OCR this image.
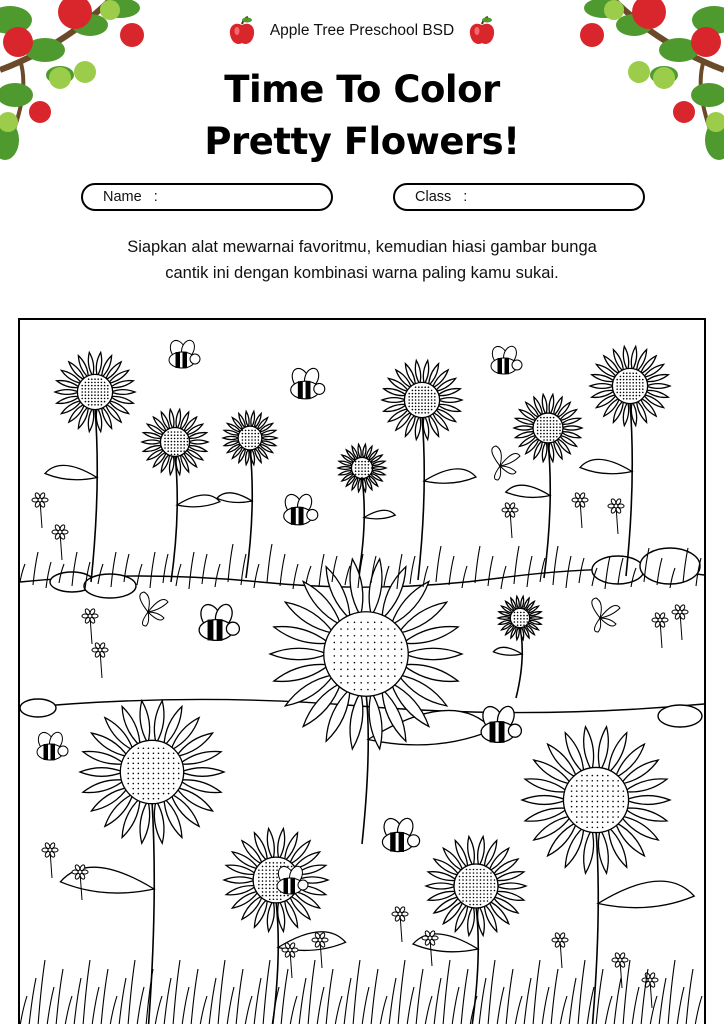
Apple Tree Preschool BSD
Time To Color
Pretty Flowers!
Name :	Class :
Siapkan alat mewarnai favoritmu, kemudian hiasi gambar bunga
cantik ini dengan kombinasi warna paling kamu sukai.
